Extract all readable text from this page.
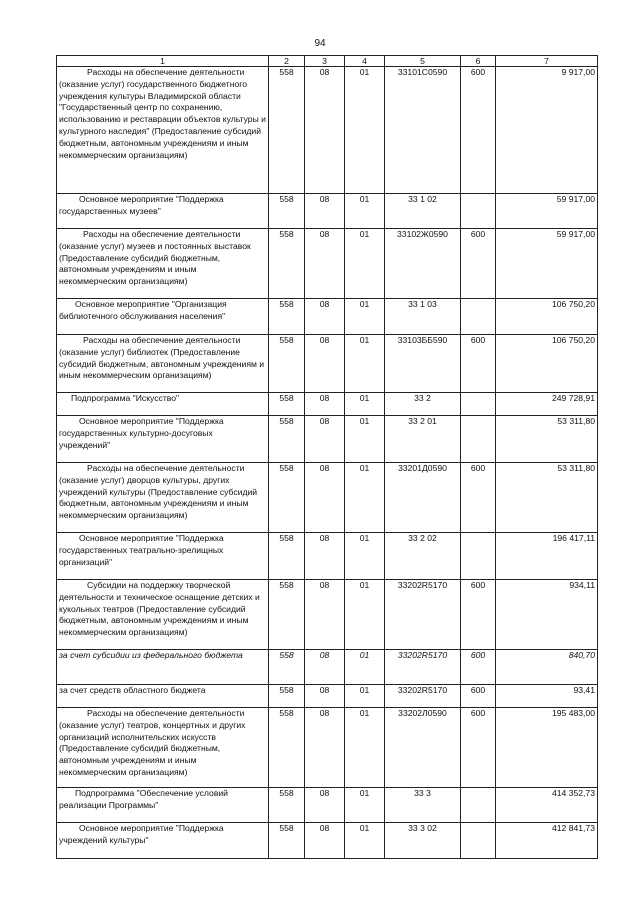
94
1	2	3	4	5	6	7
Расходы на обеспечение деятельности (оказание услуг) государственного бюджетного учреждения культуры Владимирской области "Государственный центр по сохранению, использованию и реставрации объектов культуры и культурного наследия" (Предоставление субсидий бюджетным, автономным учреждениям и иным некоммерческим организациям)	558	08	01	33101С0590	600	9 917,00
Основное мероприятие "Поддержка государственных музеев"	558	08	01	33 1 02		59 917,00
Расходы на обеспечение деятельности (оказание услуг) музеев и постоянных выставок (Предоставление субсидий бюджетным, автономным учреждениям и иным некоммерческим организациям)	558	08	01	33102Ж0590	600	59 917,00
Основное мероприятие "Организация библиотечного обслуживания населения"	558	08	01	33 1 03		106 750,20
Расходы на обеспечение деятельности (оказание услуг) библиотек (Предоставление субсидий бюджетным, автономным учреждениям и иным некоммерческим организациям)	558	08	01	33103ББ590	600	106 750,20
Подпрограмма "Искусство"	558	08	01	33 2		249 728,91
Основное мероприятие "Поддержка государственных культурно-досуговых учреждений"	558	08	01	33 2 01		53 311,80
Расходы на обеспечение деятельности (оказание услуг) дворцов культуры, других учреждений культуры (Предоставление субсидий бюджетным, автономным учреждениям и иным некоммерческим организациям)	558	08	01	33201Д0590	600	53 311,80
Основное мероприятие "Поддержка государственных театрально-зрелищных организаций"	558	08	01	33 2 02		196 417,11
Субсидии на поддержку творческой деятельности и техническое оснащение детских и кукольных театров (Предоставление субсидий бюджетным, автономным учреждениям и иным некоммерческим организациям)	558	08	01	33202R5170	600	934,11
за счет субсидии из федерального бюджета	558	08	01	33202R5170	600	840,70
за счет средств областного бюджета	558	08	01	33202R5170	600	93,41
Расходы на обеспечение деятельности (оказание услуг) театров, концертных и других организаций исполнительских искусств (Предоставление субсидий бюджетным, автономным учреждениям и иным некоммерческим организациям)	558	08	01	33202Л0590	600	195 483,00
Подпрограмма "Обеспечение условий реализации Программы"	558	08	01	33 3		414 352,73
Основное мероприятие "Поддержка учреждений культуры"	558	08	01	33 3 02		412 841,73
